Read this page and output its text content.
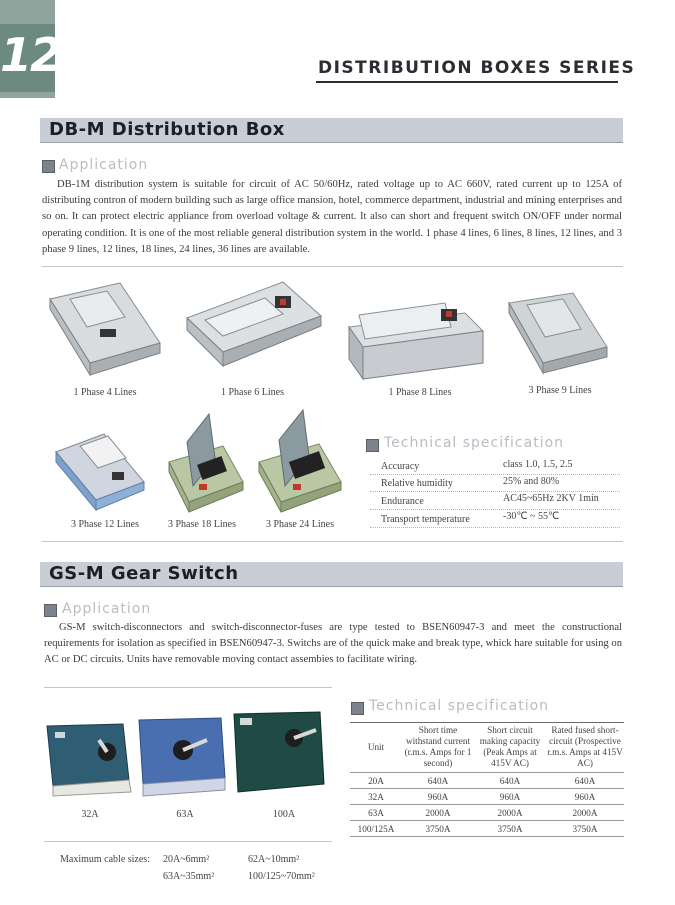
DISTRIBUTION BOXES SERIES
12
DB-M Distribution Box
Application
DB-1M distribution system is suitable for circuit of AC 50/60Hz, rated voltage up to AC 660V, rated current up to 125A of distributing contron of modern building such as large office mansion, hotel, commerce department, industrial and mining enterprises and so on. It can protect electric appliance from overload voltage & current. It also can short and frequent switch ON/OFF under normal operating condition. It is one of the most reliable general distribution system in the world. 1 phase 4 lines, 6 lines, 8 lines, 12 lines, and 3 phase 9 lines, 12 lines, 18 lines, 24 lines, 36 lines are available.
1 Phase 4 Lines	1 Phase 6 Lines	1 Phase 8 Lines	3 Phase 9 Lines
3 Phase 12 Lines	3 Phase 18 Lines	3 Phase 24 Lines
Technical specification
Accuracy	class 1.0, 1.5, 2.5
Relative humidity	25% and 80%
Endurance	AC45~65Hz 2KV 1min
Transport temperature	-30℃ ~ 55℃
GS-M Gear Switch
Application
GS-M switch-disconnectors and switch-disconnector-fuses are type tested to BSEN60947-3 and meet the constructional requirements for isolation as specified in BSEN60947-3. Switchs are of the quick make and break type, whick hare suitable for using on AC or DC circuits. Units have removable moving contact assembies to facilitate wiring.
32A	63A	100A
Maximum cable sizes: 20A~6mm²	62A~10mm²
63A~35mm²	100/125~70mm²
Technical specification
Unit	Short time withstand current (r.m.s. Amps for 1 second)	Short circuit making capacity (Peak Amps at 415V AC)	Rated fused short-circuit (Prospective r.m.s. Amps at 415V AC)
20A	640A	640A	640A
32A	960A	960A	960A
63A	2000A	2000A	2000A
100/125A	3750A	3750A	3750A
